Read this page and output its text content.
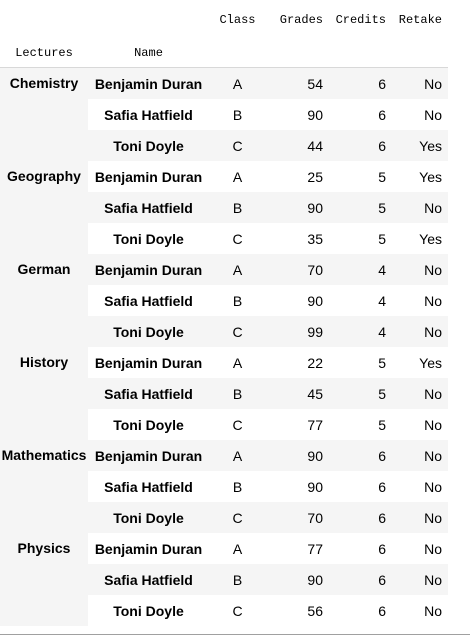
		Class	Grades	Credits	Retake
Lectures	Name				
Chemistry	Benjamin Duran	A	54	6	No
	Safia Hatfield	B	90	6	No
	Toni Doyle	C	44	6	Yes
Geography	Benjamin Duran	A	25	5	Yes
	Safia Hatfield	B	90	5	No
	Toni Doyle	C	35	5	Yes
German	Benjamin Duran	A	70	4	No
	Safia Hatfield	B	90	4	No
	Toni Doyle	C	99	4	No
History	Benjamin Duran	A	22	5	Yes
	Safia Hatfield	B	45	5	No
	Toni Doyle	C	77	5	No
Mathematics	Benjamin Duran	A	90	6	No
	Safia Hatfield	B	90	6	No
	Toni Doyle	C	70	6	No
Physics	Benjamin Duran	A	77	6	No
	Safia Hatfield	B	90	6	No
	Toni Doyle	C	56	6	No
